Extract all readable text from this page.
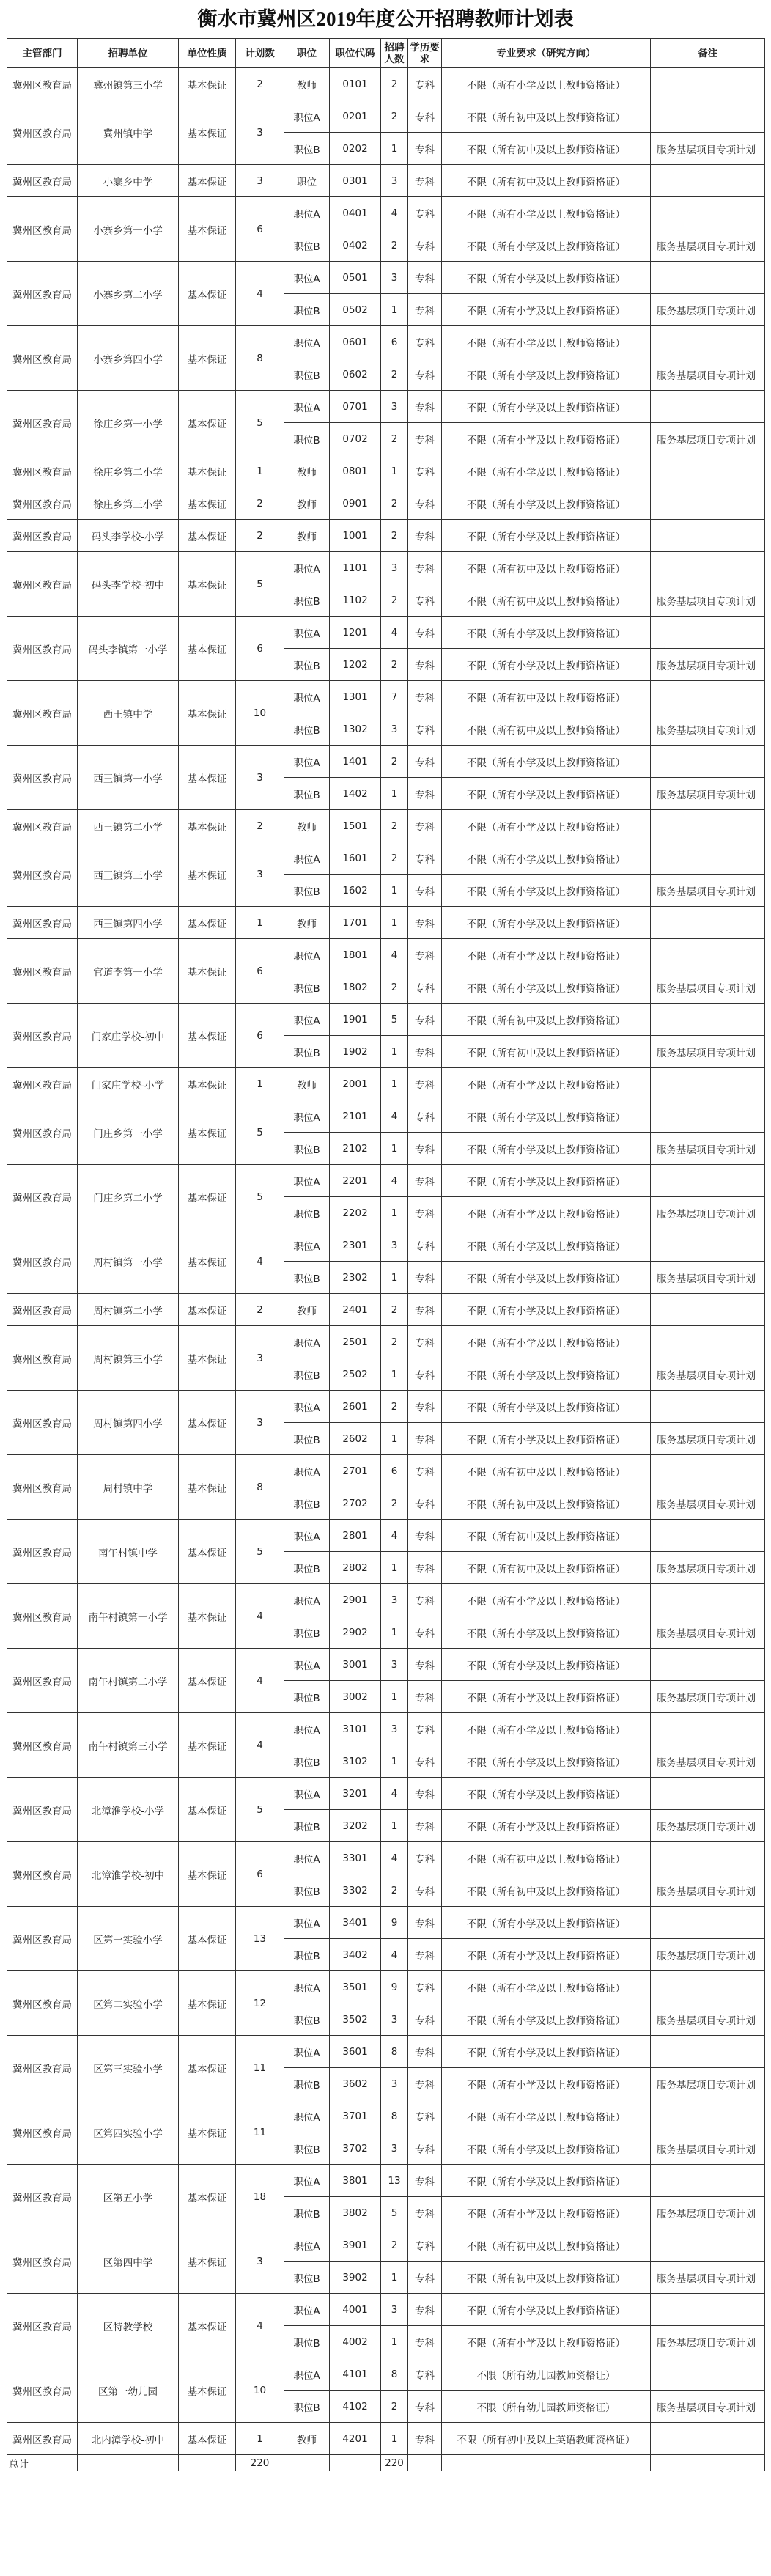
衡水市冀州区2019年度公开招聘教师计划表
主管部门	招聘单位	单位性质	计划数	职位	职位代码	招聘人数	学历要求	专业要求（研究方向）	备注
冀州区教育局	冀州镇第三小学	基本保证	2	教师	0101	2	专科	不限（所有小学及以上教师资格证）	
冀州区教育局	冀州镇中学	基本保证	3	职位A	0201	2	专科	不限（所有初中及以上教师资格证）	
				职位B	0202	1	专科	不限（所有初中及以上教师资格证）	服务基层项目专项计划
冀州区教育局	小寨乡中学	基本保证	3	职位	0301	3	专科	不限（所有初中及以上教师资格证）	
冀州区教育局	小寨乡第一小学	基本保证	6	职位A	0401	4	专科	不限（所有小学及以上教师资格证）	
				职位B	0402	2	专科	不限（所有小学及以上教师资格证）	服务基层项目专项计划
冀州区教育局	小寨乡第二小学	基本保证	4	职位A	0501	3	专科	不限（所有小学及以上教师资格证）	
				职位B	0502	1	专科	不限（所有小学及以上教师资格证）	服务基层项目专项计划
冀州区教育局	小寨乡第四小学	基本保证	8	职位A	0601	6	专科	不限（所有小学及以上教师资格证）	
				职位B	0602	2	专科	不限（所有小学及以上教师资格证）	服务基层项目专项计划
冀州区教育局	徐庄乡第一小学	基本保证	5	职位A	0701	3	专科	不限（所有小学及以上教师资格证）	
				职位B	0702	2	专科	不限（所有小学及以上教师资格证）	服务基层项目专项计划
冀州区教育局	徐庄乡第二小学	基本保证	1	教师	0801	1	专科	不限（所有小学及以上教师资格证）	
冀州区教育局	徐庄乡第三小学	基本保证	2	教师	0901	2	专科	不限（所有小学及以上教师资格证）	
冀州区教育局	码头李学校-小学	基本保证	2	教师	1001	2	专科	不限（所有小学及以上教师资格证）	
冀州区教育局	码头李学校-初中	基本保证	5	职位A	1101	3	专科	不限（所有初中及以上教师资格证）	
				职位B	1102	2	专科	不限（所有初中及以上教师资格证）	服务基层项目专项计划
冀州区教育局	码头李镇第一小学	基本保证	6	职位A	1201	4	专科	不限（所有小学及以上教师资格证）	
				职位B	1202	2	专科	不限（所有小学及以上教师资格证）	服务基层项目专项计划
冀州区教育局	西王镇中学	基本保证	10	职位A	1301	7	专科	不限（所有初中及以上教师资格证）	
				职位B	1302	3	专科	不限（所有初中及以上教师资格证）	服务基层项目专项计划
冀州区教育局	西王镇第一小学	基本保证	3	职位A	1401	2	专科	不限（所有小学及以上教师资格证）	
				职位B	1402	1	专科	不限（所有小学及以上教师资格证）	服务基层项目专项计划
冀州区教育局	西王镇第二小学	基本保证	2	教师	1501	2	专科	不限（所有小学及以上教师资格证）	
冀州区教育局	西王镇第三小学	基本保证	3	职位A	1601	2	专科	不限（所有小学及以上教师资格证）	
				职位B	1602	1	专科	不限（所有小学及以上教师资格证）	服务基层项目专项计划
冀州区教育局	西王镇第四小学	基本保证	1	教师	1701	1	专科	不限（所有小学及以上教师资格证）	
冀州区教育局	官道李第一小学	基本保证	6	职位A	1801	4	专科	不限（所有小学及以上教师资格证）	
				职位B	1802	2	专科	不限（所有小学及以上教师资格证）	服务基层项目专项计划
冀州区教育局	门家庄学校-初中	基本保证	6	职位A	1901	5	专科	不限（所有初中及以上教师资格证）	
				职位B	1902	1	专科	不限（所有初中及以上教师资格证）	服务基层项目专项计划
冀州区教育局	门家庄学校-小学	基本保证	1	教师	2001	1	专科	不限（所有小学及以上教师资格证）	
冀州区教育局	门庄乡第一小学	基本保证	5	职位A	2101	4	专科	不限（所有小学及以上教师资格证）	
				职位B	2102	1	专科	不限（所有小学及以上教师资格证）	服务基层项目专项计划
冀州区教育局	门庄乡第二小学	基本保证	5	职位A	2201	4	专科	不限（所有小学及以上教师资格证）	
				职位B	2202	1	专科	不限（所有小学及以上教师资格证）	服务基层项目专项计划
冀州区教育局	周村镇第一小学	基本保证	4	职位A	2301	3	专科	不限（所有小学及以上教师资格证）	
				职位B	2302	1	专科	不限（所有小学及以上教师资格证）	服务基层项目专项计划
冀州区教育局	周村镇第二小学	基本保证	2	教师	2401	2	专科	不限（所有小学及以上教师资格证）	
冀州区教育局	周村镇第三小学	基本保证	3	职位A	2501	2	专科	不限（所有小学及以上教师资格证）	
				职位B	2502	1	专科	不限（所有小学及以上教师资格证）	服务基层项目专项计划
冀州区教育局	周村镇第四小学	基本保证	3	职位A	2601	2	专科	不限（所有小学及以上教师资格证）	
				职位B	2602	1	专科	不限（所有小学及以上教师资格证）	服务基层项目专项计划
冀州区教育局	周村镇中学	基本保证	8	职位A	2701	6	专科	不限（所有初中及以上教师资格证）	
				职位B	2702	2	专科	不限（所有初中及以上教师资格证）	服务基层项目专项计划
冀州区教育局	南午村镇中学	基本保证	5	职位A	2801	4	专科	不限（所有初中及以上教师资格证）	
				职位B	2802	1	专科	不限（所有初中及以上教师资格证）	服务基层项目专项计划
冀州区教育局	南午村镇第一小学	基本保证	4	职位A	2901	3	专科	不限（所有小学及以上教师资格证）	
				职位B	2902	1	专科	不限（所有小学及以上教师资格证）	服务基层项目专项计划
冀州区教育局	南午村镇第二小学	基本保证	4	职位A	3001	3	专科	不限（所有小学及以上教师资格证）	
				职位B	3002	1	专科	不限（所有小学及以上教师资格证）	服务基层项目专项计划
冀州区教育局	南午村镇第三小学	基本保证	4	职位A	3101	3	专科	不限（所有小学及以上教师资格证）	
				职位B	3102	1	专科	不限（所有小学及以上教师资格证）	服务基层项目专项计划
冀州区教育局	北漳淮学校-小学	基本保证	5	职位A	3201	4	专科	不限（所有小学及以上教师资格证）	
				职位B	3202	1	专科	不限（所有小学及以上教师资格证）	服务基层项目专项计划
冀州区教育局	北漳淮学校-初中	基本保证	6	职位A	3301	4	专科	不限（所有初中及以上教师资格证）	
				职位B	3302	2	专科	不限（所有初中及以上教师资格证）	服务基层项目专项计划
冀州区教育局	区第一实验小学	基本保证	13	职位A	3401	9	专科	不限（所有小学及以上教师资格证）	
				职位B	3402	4	专科	不限（所有小学及以上教师资格证）	服务基层项目专项计划
冀州区教育局	区第二实验小学	基本保证	12	职位A	3501	9	专科	不限（所有小学及以上教师资格证）	
				职位B	3502	3	专科	不限（所有小学及以上教师资格证）	服务基层项目专项计划
冀州区教育局	区第三实验小学	基本保证	11	职位A	3601	8	专科	不限（所有小学及以上教师资格证）	
				职位B	3602	3	专科	不限（所有小学及以上教师资格证）	服务基层项目专项计划
冀州区教育局	区第四实验小学	基本保证	11	职位A	3701	8	专科	不限（所有小学及以上教师资格证）	
				职位B	3702	3	专科	不限（所有小学及以上教师资格证）	服务基层项目专项计划
冀州区教育局	区第五小学	基本保证	18	职位A	3801	13	专科	不限（所有小学及以上教师资格证）	
				职位B	3802	5	专科	不限（所有小学及以上教师资格证）	服务基层项目专项计划
冀州区教育局	区第四中学	基本保证	3	职位A	3901	2	专科	不限（所有初中及以上教师资格证）	
				职位B	3902	1	专科	不限（所有初中及以上教师资格证）	服务基层项目专项计划
冀州区教育局	区特教学校	基本保证	4	职位A	4001	3	专科	不限（所有小学及以上教师资格证）	
				职位B	4002	1	专科	不限（所有小学及以上教师资格证）	服务基层项目专项计划
冀州区教育局	区第一幼儿园	基本保证	10	职位A	4101	8	专科	不限（所有幼儿园教师资格证）	
				职位B	4102	2	专科	不限（所有幼儿园教师资格证）	服务基层项目专项计划
冀州区教育局	北内漳学校-初中	基本保证	1	教师	4201	1	专科	不限（所有初中及以上英语教师资格证）	
总计			220			220			
